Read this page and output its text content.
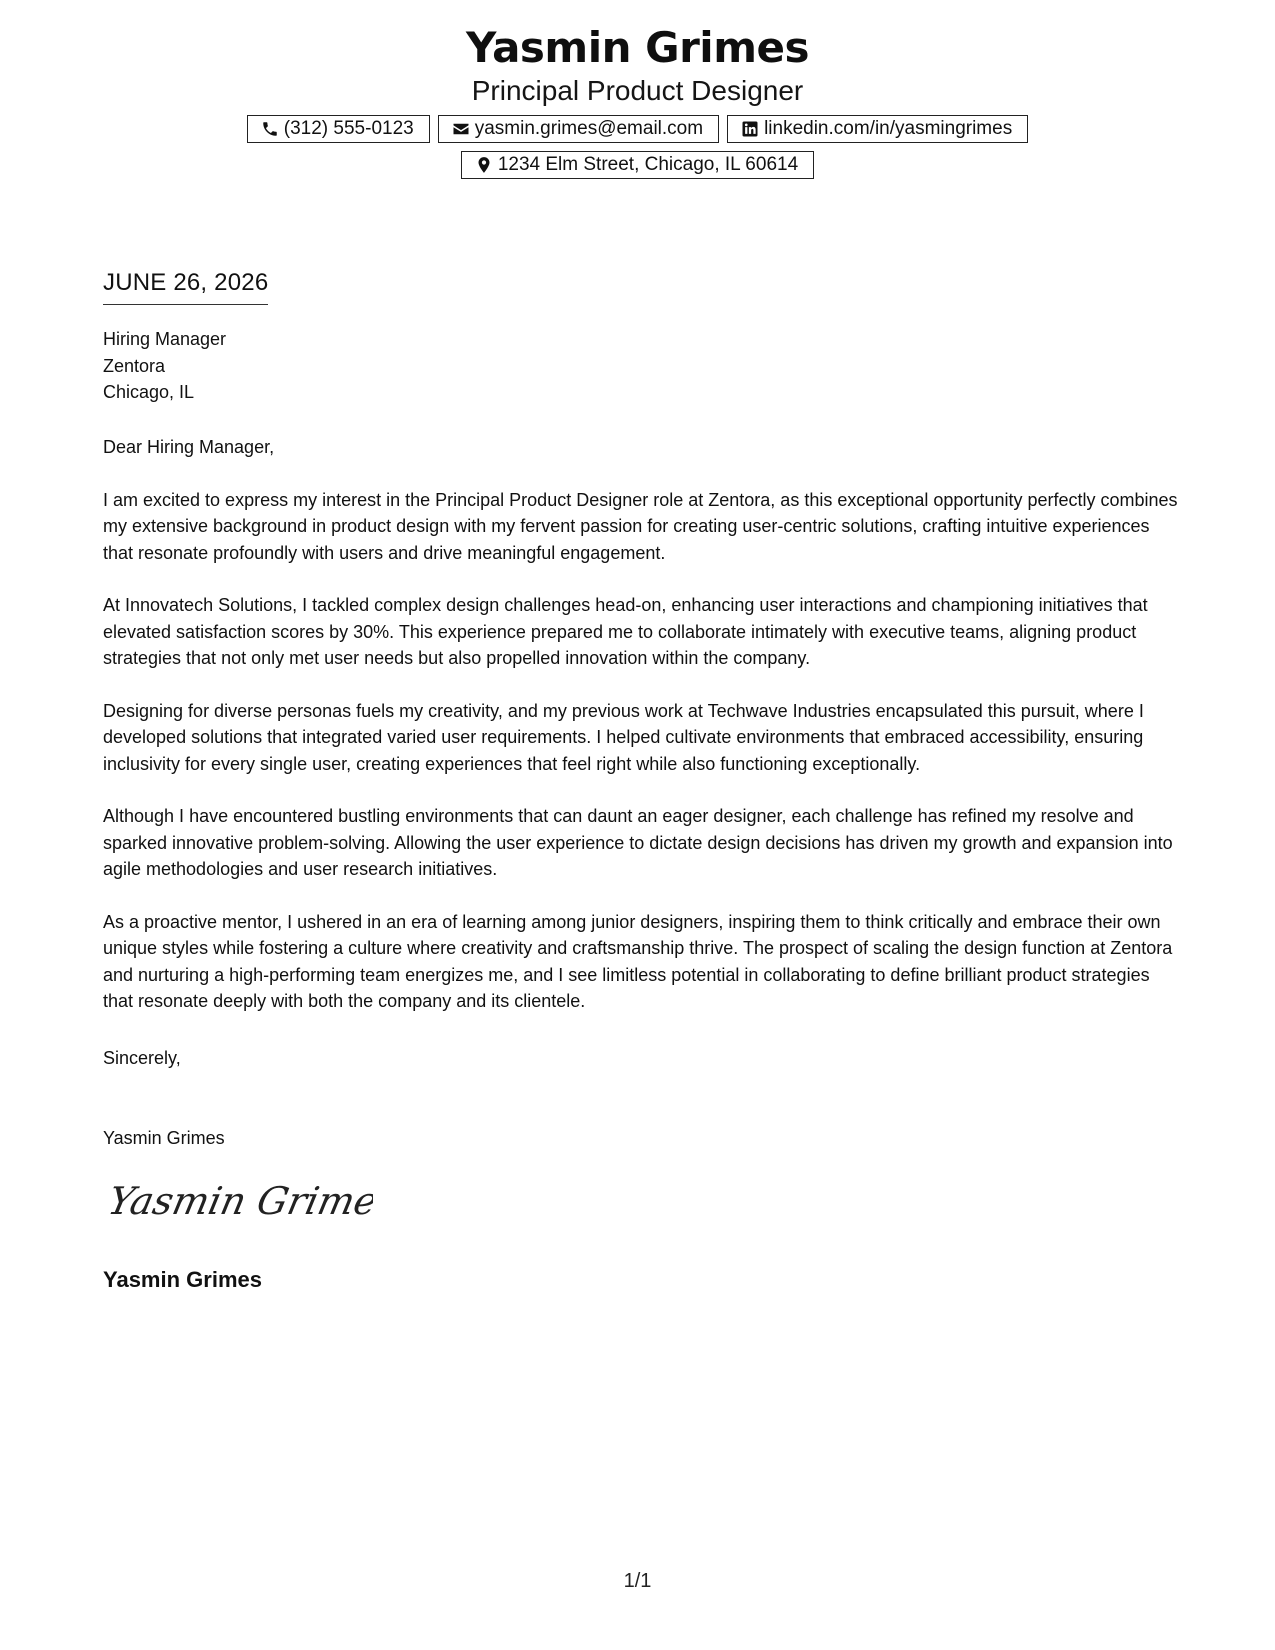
Yasmin Grimes
Principal Product Designer
(312) 555-0123	yasmin.grimes@email.com	linkedin.com/in/yasmingrimes
1234 Elm Street, Chicago, IL 60614
JUNE 26, 2026
Hiring Manager
Zentora
Chicago, IL

Dear Hiring Manager,

I am excited to express my interest in the Principal Product Designer role at Zentora, as this exceptional opportunity perfectly combines my extensive background in product design with my fervent passion for creating user-centric solutions, crafting intuitive experiences that resonate profoundly with users and drive meaningful engagement.

At Innovatech Solutions, I tackled complex design challenges head-on, enhancing user interactions and championing initiatives that elevated satisfaction scores by 30%. This experience prepared me to collaborate intimately with executive teams, aligning product strategies that not only met user needs but also propelled innovation within the company.

Designing for diverse personas fuels my creativity, and my previous work at Techwave Industries encapsulated this pursuit, where I developed solutions that integrated varied user requirements. I helped cultivate environments that embraced accessibility, ensuring inclusivity for every single user, creating experiences that feel right while also functioning exceptionally.

Although I have encountered bustling environments that can daunt an eager designer, each challenge has refined my resolve and sparked innovative problem-solving. Allowing the user experience to dictate design decisions has driven my growth and expansion into agile methodologies and user research initiatives.

As a proactive mentor, I ushered in an era of learning among junior designers, inspiring them to think critically and embrace their own unique styles while fostering a culture where creativity and craftsmanship thrive. The prospect of scaling the design function at Zentora and nurturing a high-performing team energizes me, and I see limitless potential in collaborating to define brilliant product strategies that resonate deeply with both the company and its clientele.

Sincerely,
Yasmin Grimes
Yasmin Grimes
Yasmin Grimes
1/1
